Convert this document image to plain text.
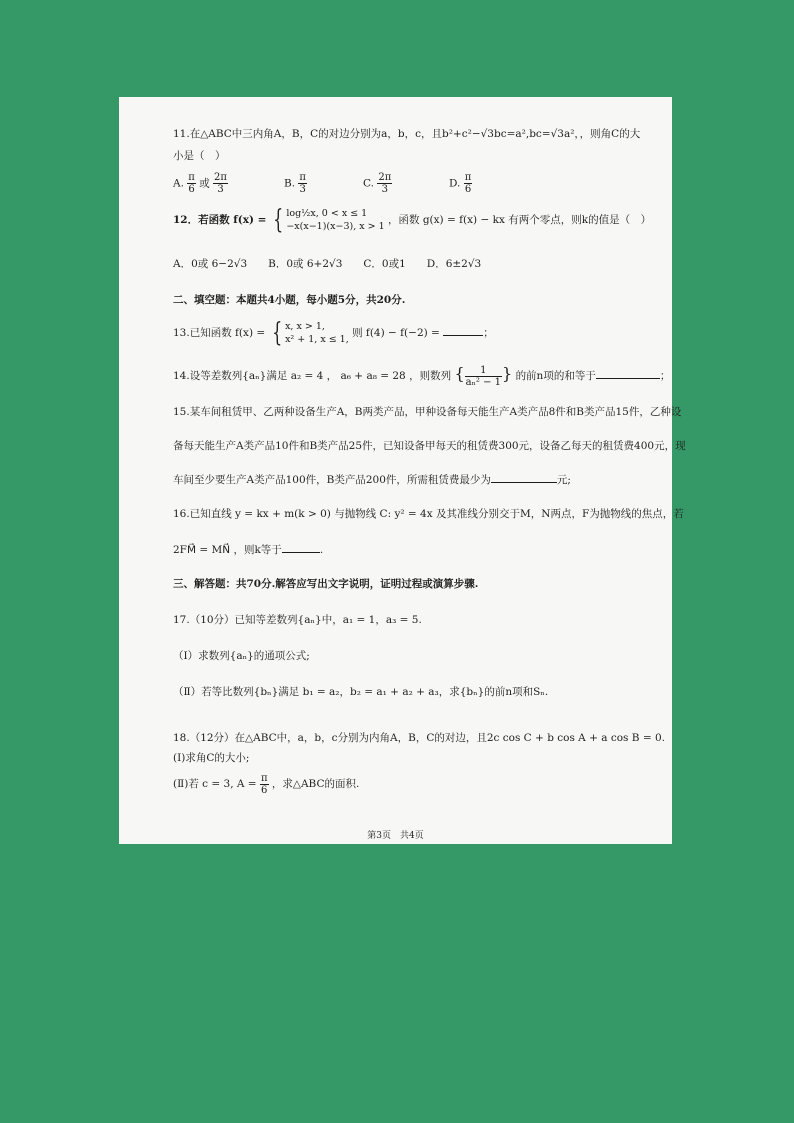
11.在△ABC中三内角A，B，C的对边分别为a，b，c，且b²+c²−√3bc=a²,bc=√3a²，，则角C的大
小是（　）
A. $\frac{\pi}{6}$ 或 $\frac{2\pi}{3}$	B. $\frac{\pi}{3}$	C. $\frac{2\pi}{3}$	D. $\frac{\pi}{6}$
12．若函数 f(x) = { log½x, 0 < x ≤ 1
−x(x−1)(x−3), x > 1
，函数 g(x) = f(x) − kx 有两个零点，则k的值是（　）
A．0或 6−2√3　　B．0或 6+2√3　　C．0或1　　D．6±2√3
二、填空题：本题共4小题，每小题5分，共20分.
13.已知函数 f(x) = { x, x > 1,
x² + 1, x ≤ 1,
则 f(4) − f(−2) =	；
14.设等差数列{aₙ}满足 a₂ = 4 ， a₆ + a₈ = 28 ，则数列 { $\frac{1}{\text{aₙ² − 1}}$ } 的前n项的和等于	；
15.某车间租赁甲、乙两种设备生产A，B两类产品，甲种设备每天能生产A类产品8件和B类产品15件，乙种设
备每天能生产A类产品10件和B类产品25件，已知设备甲每天的租赁费300元，设备乙每天的租赁费400元，现
车间至少要生产A类产品100件，B类产品200件，所需租赁费最少为	元;
16.已知直线 y = kx + m(k > 0) 与抛物线 C: y² = 4x 及其准线分别交于M，N两点，F为抛物线的焦点，若
2FM⃗ = MN⃗ ，则k等于	.
三、解答题：共70分.解答应写出文字说明，证明过程或演算步骤.
17.（10分）已知等差数列{aₙ}中，a₁ = 1，a₃ = 5.
（Ⅰ）求数列{aₙ}的通项公式;
（Ⅱ）若等比数列{bₙ}满足 b₁ = a₂，b₂ = a₁ + a₂ + a₃，求{bₙ}的前n项和Sₙ.
18.（12分）在△ABC中，a，b，c分别为内角A，B，C的对边，且2c cos C + b cos A + a cos B = 0.
(Ⅰ)求角C的大小;
(Ⅱ)若 c = 3, $A = \frac{\pi}{6}$ ，求△ABC的面积.
第3页　共4页
